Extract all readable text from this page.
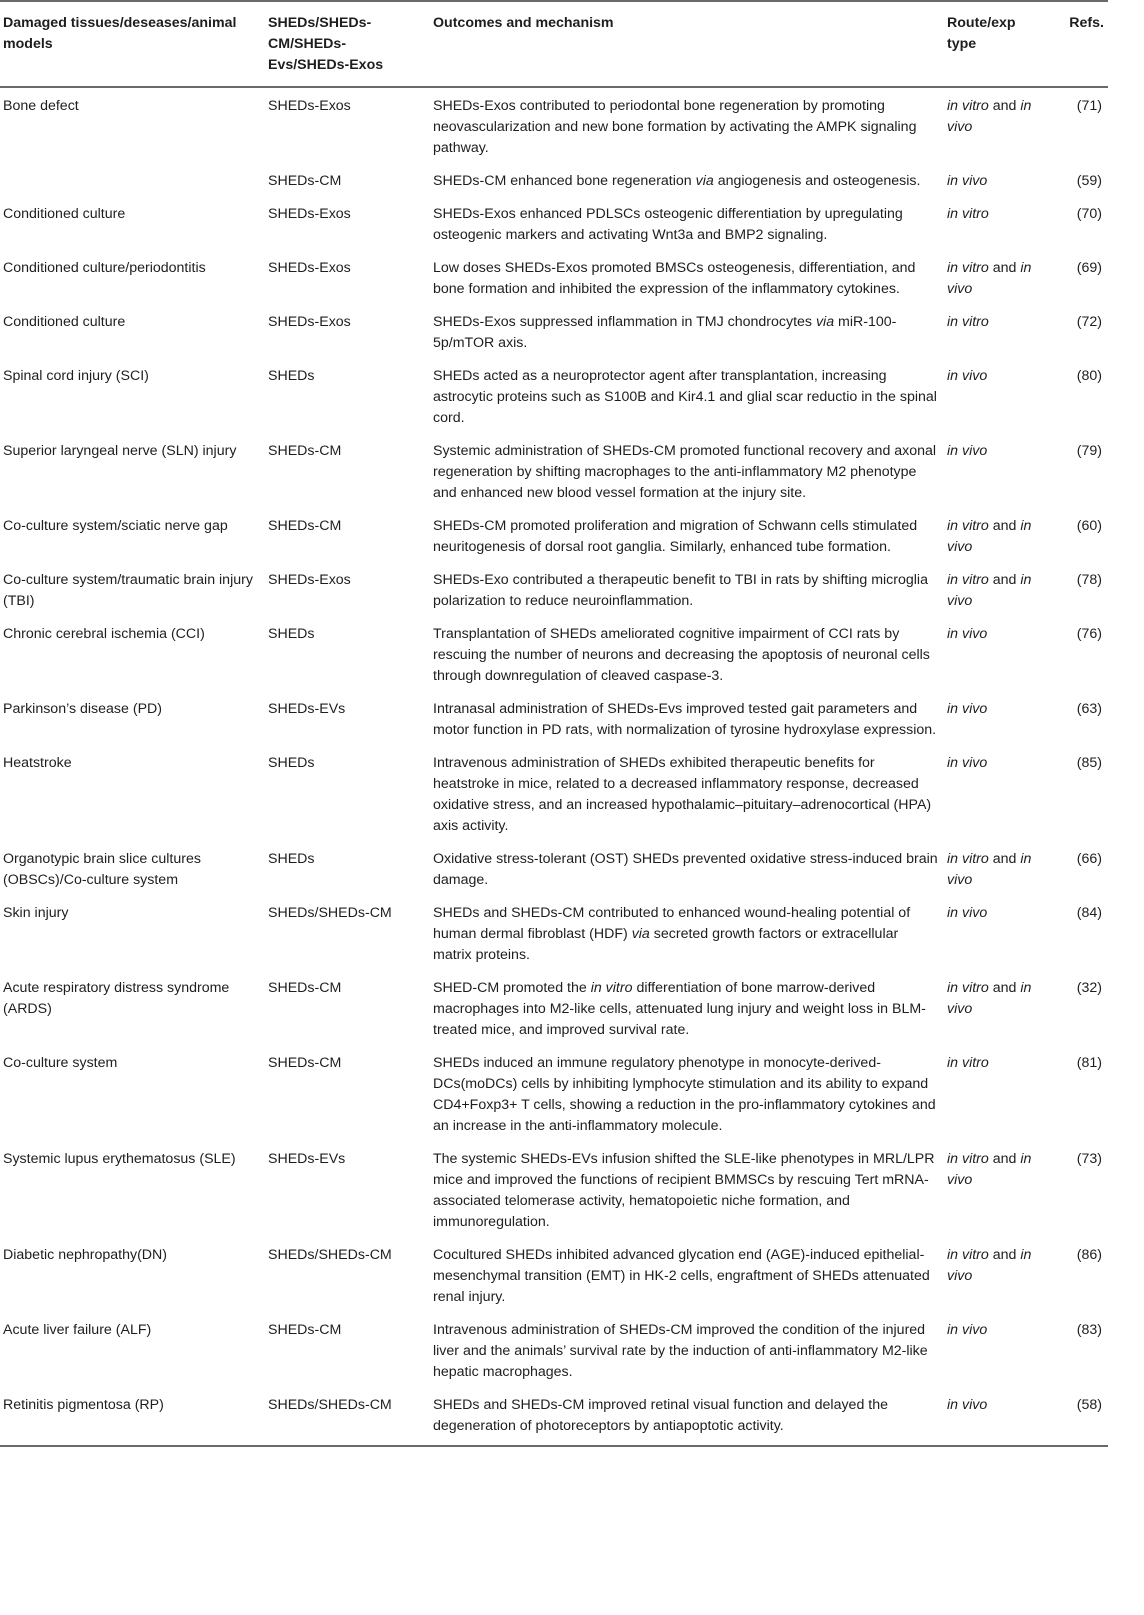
Damaged tissues/deseases/animal models	SHEDs/SHEDs-CM/SHEDs-Evs/SHEDs-Exos	Outcomes and mechanism	Route/exp type	Refs.
Bone defect	SHEDs-Exos	SHEDs-Exos contributed to periodontal bone regeneration by promoting neovascularization and new bone formation by activating the AMPK signaling pathway.	in vitro and in vivo	(71)
	SHEDs-CM	SHEDs-CM enhanced bone regeneration via angiogenesis and osteogenesis.	in vivo	(59)
Conditioned culture	SHEDs-Exos	SHEDs-Exos enhanced PDLSCs osteogenic differentiation by upregulating osteogenic markers and activating Wnt3a and BMP2 signaling.	in vitro	(70)
Conditioned culture/periodontitis	SHEDs-Exos	Low doses SHEDs-Exos promoted BMSCs osteogenesis, differentiation, and bone formation and inhibited the expression of the inflammatory cytokines.	in vitro and in vivo	(69)
Conditioned culture	SHEDs-Exos	SHEDs-Exos suppressed inflammation in TMJ chondrocytes via miR-100-5p/mTOR axis.	in vitro	(72)
Spinal cord injury (SCI)	SHEDs	SHEDs acted as a neuroprotector agent after transplantation, increasing astrocytic proteins such as S100B and Kir4.1 and glial scar reductio in the spinal cord.	in vivo	(80)
Superior laryngeal nerve (SLN) injury	SHEDs-CM	Systemic administration of SHEDs-CM promoted functional recovery and axonal regeneration by shifting macrophages to the anti-inflammatory M2 phenotype and enhanced new blood vessel formation at the injury site.	in vivo	(79)
Co-culture system/sciatic nerve gap	SHEDs-CM	SHEDs-CM promoted proliferation and migration of Schwann cells stimulated neuritogenesis of dorsal root ganglia. Similarly, enhanced tube formation.	in vitro and in vivo	(60)
Co-culture system/traumatic brain injury (TBI)	SHEDs-Exos	SHEDs-Exo contributed a therapeutic benefit to TBI in rats by shifting microglia polarization to reduce neuroinflammation.	in vitro and in vivo	(78)
Chronic cerebral ischemia (CCI)	SHEDs	Transplantation of SHEDs ameliorated cognitive impairment of CCI rats by rescuing the number of neurons and decreasing the apoptosis of neuronal cells through downregulation of cleaved caspase-3.	in vivo	(76)
Parkinson’s disease (PD)	SHEDs-EVs	Intranasal administration of SHEDs-Evs improved tested gait parameters and motor function in PD rats, with normalization of tyrosine hydroxylase expression.	in vivo	(63)
Heatstroke	SHEDs	Intravenous administration of SHEDs exhibited therapeutic benefits for heatstroke in mice, related to a decreased inflammatory response, decreased oxidative stress, and an increased hypothalamic–pituitary–adrenocortical (HPA) axis activity.	in vivo	(85)
Organotypic brain slice cultures (OBSCs)/Co-culture system	SHEDs	Oxidative stress-tolerant (OST) SHEDs prevented oxidative stress-induced brain damage.	in vitro and in vivo	(66)
Skin injury	SHEDs/SHEDs-CM	SHEDs and SHEDs-CM contributed to enhanced wound-healing potential of human dermal fibroblast (HDF) via secreted growth factors or extracellular matrix proteins.	in vivo	(84)
Acute respiratory distress syndrome (ARDS)	SHEDs-CM	SHED-CM promoted the in vitro differentiation of bone marrow-derived macrophages into M2-like cells, attenuated lung injury and weight loss in BLM-treated mice, and improved survival rate.	in vitro and in vivo	(32)
Co-culture system	SHEDs-CM	SHEDs induced an immune regulatory phenotype in monocyte-derived-DCs(moDCs) cells by inhibiting lymphocyte stimulation and its ability to expand CD4+Foxp3+ T cells, showing a reduction in the pro-inflammatory cytokines and an increase in the anti-inflammatory molecule.	in vitro	(81)
Systemic lupus erythematosus (SLE)	SHEDs-EVs	The systemic SHEDs-EVs infusion shifted the SLE-like phenotypes in MRL/LPR mice and improved the functions of recipient BMMSCs by rescuing Tert mRNA-associated telomerase activity, hematopoietic niche formation, and immunoregulation.	in vitro and in vivo	(73)
Diabetic nephropathy(DN)	SHEDs/SHEDs-CM	Cocultured SHEDs inhibited advanced glycation end (AGE)-induced epithelial-mesenchymal transition (EMT) in HK-2 cells, engraftment of SHEDs attenuated renal injury.	in vitro and in vivo	(86)
Acute liver failure (ALF)	SHEDs-CM	Intravenous administration of SHEDs-CM improved the condition of the injured liver and the animals’ survival rate by the induction of anti-inflammatory M2-like hepatic macrophages.	in vivo	(83)
Retinitis pigmentosa (RP)	SHEDs/SHEDs-CM	SHEDs and SHEDs-CM improved retinal visual function and delayed the degeneration of photoreceptors by antiapoptotic activity.	in vivo	(58)
